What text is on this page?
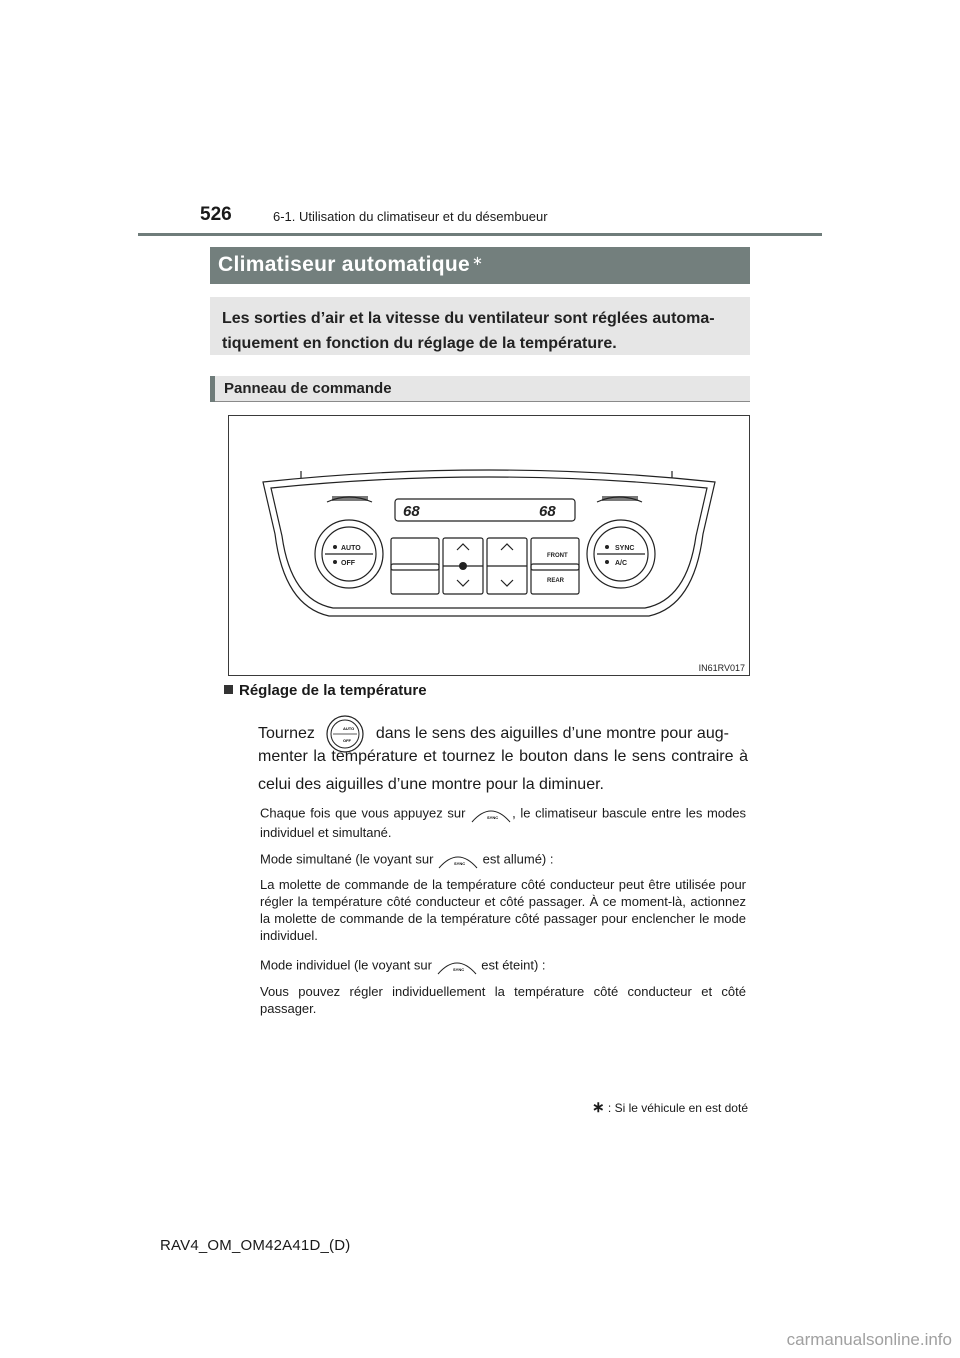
526	6-1. Utilisation du climatiseur et du désembueur
Climatiseur automatique ∗
Les sorties d’air et la vitesse du ventilateur sont réglées automa-tiquement en fonction du réglage de la température.
Panneau de commande
68	68
AUTO
OFF
SYNC
A/C
FRONT
REAR
IN61RV017
Réglage de la température
Tournez	AUTO
OFF dans le sens des aiguilles d’une montre pour aug-
menter la température et tournez le bouton dans le sens contraire à celui des aiguilles d’une montre pour la diminuer.
Chaque fois que vous appuyez sur	SYNC , le climatiseur bascule entre les modes individuel et simultané.
Mode simultané (le voyant sur	SYNC est allumé) :
La molette de commande de la température côté conducteur peut être utilisée pour régler la température côté conducteur et côté passager. À ce moment-là, actionnez la molette de commande de la température côté passager pour enclencher le mode individuel.
Mode individuel (le voyant sur	SYNC est éteint) :
Vous pouvez régler individuellement la température côté conducteur et côté passager.
∗ : Si le véhicule en est doté
RAV4_OM_OM42A41D_(D)
carmanualsonline.info
